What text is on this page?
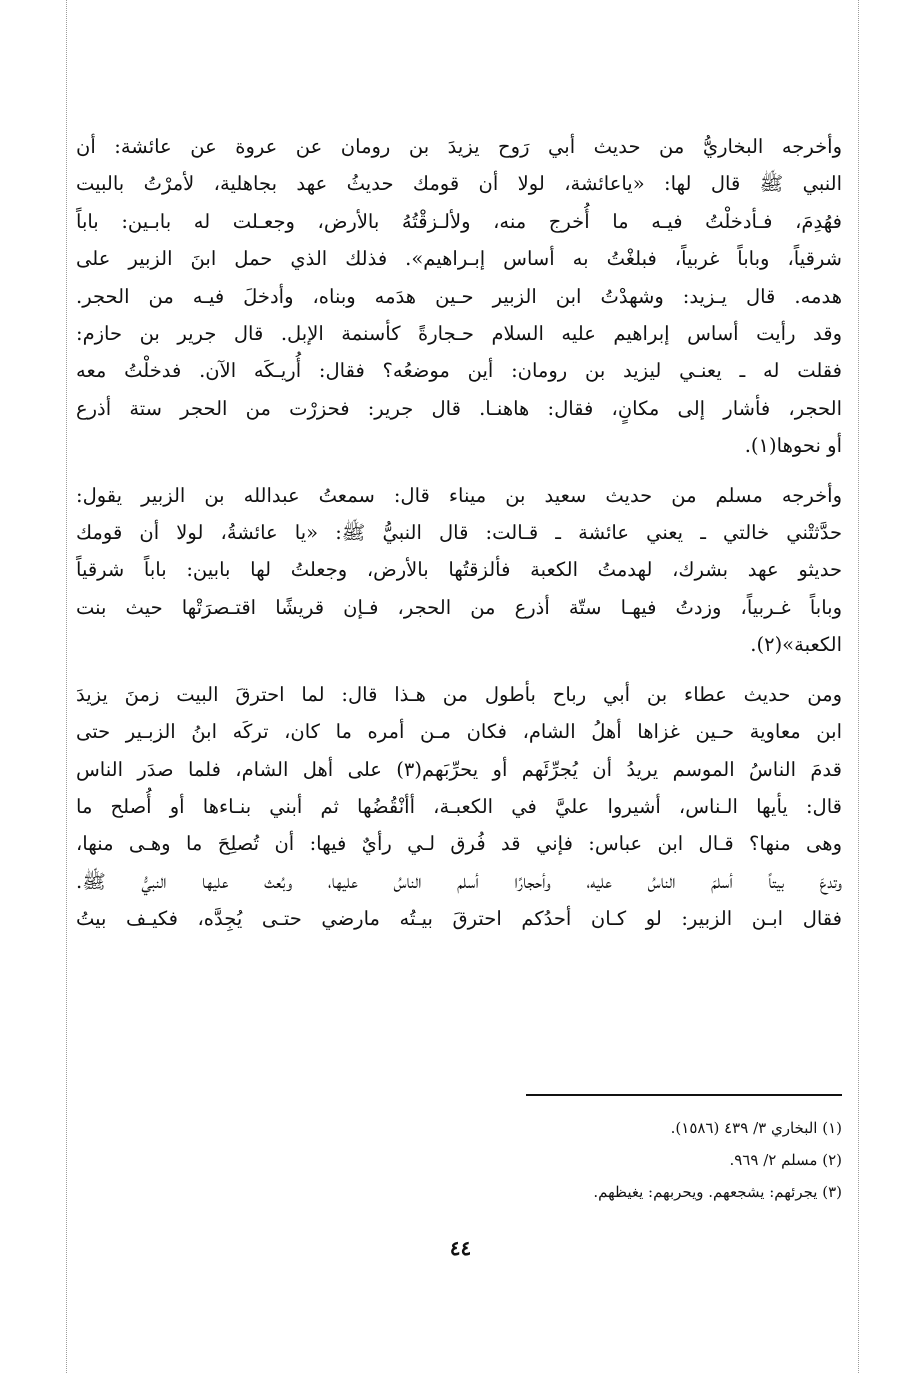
وأخرجه البخاريُّ من حديث أبي رَوح يزيدَ بن رومان عن عروة عن عائشة: أن

النبي ﷺ قال لها: «ياعائشة، لولا أن قومك حديثُ عهد بجاهلية، لأمرْتُ بالبيت

فهُدِمَ، فـأدخلْتُ فيـه ما أُخرج منه، ولألـزقْتُهُ بالأرض، وجعـلت له بابـين: باباً

شرقياً، وباباً غربياً، فبلغْتُ به أساس إبـراهيم». فذلك الذي حمل ابنَ الزبير على

هدمه. قال يـزيد: وشهدْتُ ابن الزبير حـين هدَمه وبناه، وأدخلَ فيـه من الحجر.

وقد رأيت أساس إبراهيم عليه السلام حـجارةً كأسنمة الإبل. قال جرير بن حازم:

فقلت له ـ يعنـي ليزيد بن رومان: أين موضعُه؟ فقال: أُريـكَه الآن. فدخلْتُ معه

الحجر، فأشار إلى مكانٍ، فقال: هاهنـا. قال جرير: فحزرْت من الحجر ستة أذرع

أو نحوها(١).

وأخرجه مسلم من حديث سعيد بن ميناء قال: سمعتُ عبدالله بن الزبير يقول:

حدَّثتْني خالتي ـ يعني عائشة ـ قـالت: قال النبيُّ ﷺ: «يا عائشةُ، لولا أن قومك

حديثو عهد بشرك، لهدمتُ الكعبة فألزقتُها بالأرض، وجعلتُ لها بابين: باباً شرقياً

وباباً غـربياً، وزدتُ فيهـا ستّة أذرع من الحجر، فـإن قريشًا اقتـصرَتْها حيث بنت

الكعبة»(٢).

ومن حديث عطاء بن أبي رباح بأطول من هـذا قال: لما احترقَ البيت زمنَ يزيدَ

ابن معاوية حـين غزاها أهلُ الشام، فكان مـن أمره ما كان، تركَه ابنُ الزبـير حتى

قدمَ الناسُ الموسم يريدُ أن يُجرِّئَهم أو يحرِّبَهم(٣) على أهل الشام، فلما صدَر الناس

قال: يأيها الـناس، أشيروا عليَّ في الكعبـة، أأنْقُضُها ثم أبني بنـاءها أو أُصلح ما

وهى منها؟ قـال ابن عباس: فإني قد فُرق لـي رأيٌ فيها: أن تُصلِحَ ما وهـى منها،

وتدعَ بيتاً أسلمَ الناسُ عليه، وأحجارًا أسلم الناسُ عليها، وبُعث عليها النبيُّ ﷺ.

فقال ابـن الزبير: لو كـان أحدُكم احترقَ بيـتُه مارضي حتـى يُجِدَّه، فكيـف بيتُ

(١) البخاري ٣/ ٤٣٩ (١٥٨٦).

(٢) مسلم ٢/ ٩٦٩.

(٣) يجرئهم: يشجعهم. ويحربهم: يغيظهم.

٤٤
